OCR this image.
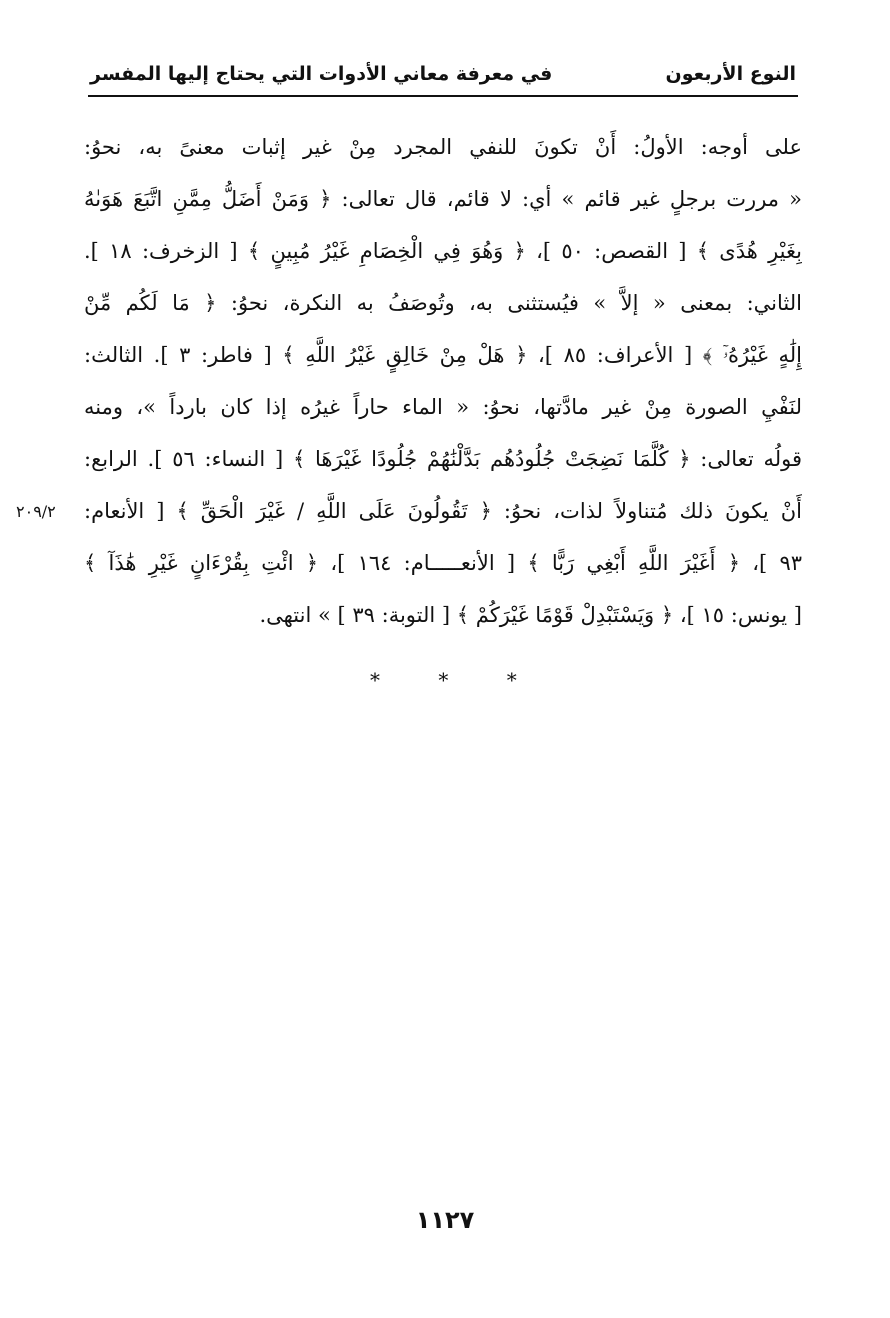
النوع الأربعون
في معرفة معاني الأدوات التي يحتاج إليها المفسر
على أوجه: الأولُ: أَنْ تكونَ للنفي المجرد مِنْ غير إثبات معنىً به، نحوُ:
« مررت برجلٍ غير قائم » أي: لا قائم، قال تعالى: ﴿ وَمَنْ أَضَلُّ مِمَّنِ اتَّبَعَ هَوَىٰهُ
بِغَيْرِ هُدًى ﴾ [ القصص: ٥٠ ]، ﴿ وَهُوَ فِي الْخِصَامِ غَيْرُ مُبِينٍ ﴾ [ الزخرف: ١٨ ].
الثاني: بمعنى « إلاَّ » فيُستثنى به، وتُوصَفُ به النكرة، نحوُ: ﴿ مَا لَكُم مِّنْ
إِلَٰهٍ غَيْرُهُۥٓ ﴾ [ الأعراف: ٨٥ ]، ﴿ هَلْ مِنْ خَالِقٍ غَيْرُ اللَّهِ ﴾ [ فاطر: ٣ ]. الثالث:
لنَفْيِ الصورة مِنْ غير مادَّتها، نحوُ: « الماء حاراً غيرُه إذا كان بارداً »، ومنه
قولُه تعالى: ﴿ كُلَّمَا نَضِجَتْ جُلُودُهُم بَدَّلْنَٰهُمْ جُلُودًا غَيْرَهَا ﴾ [ النساء: ٥٦ ]. الرابع:
أَنْ يكونَ ذلك مُتناولاً لذات، نحوُ: ﴿ تَقُولُونَ عَلَى اللَّهِ / غَيْرَ الْحَقِّ ﴾ [ الأنعام:
٩٣ ]، ﴿ أَغَيْرَ اللَّهِ أَبْغِي رَبًّا ﴾ [ الأنعـــــام: ١٦٤ ]، ﴿ ائْتِ بِقُرْءَانٍ غَيْرِ هَٰذَآ ﴾
[ يونس: ١٥ ]، ﴿ وَيَسْتَبْدِلْ قَوْمًا غَيْرَكُمْ ﴾ [ التوبة: ٣٩ ] » انتهى.
٢٠٩/٢
* * *
١١٢٧
